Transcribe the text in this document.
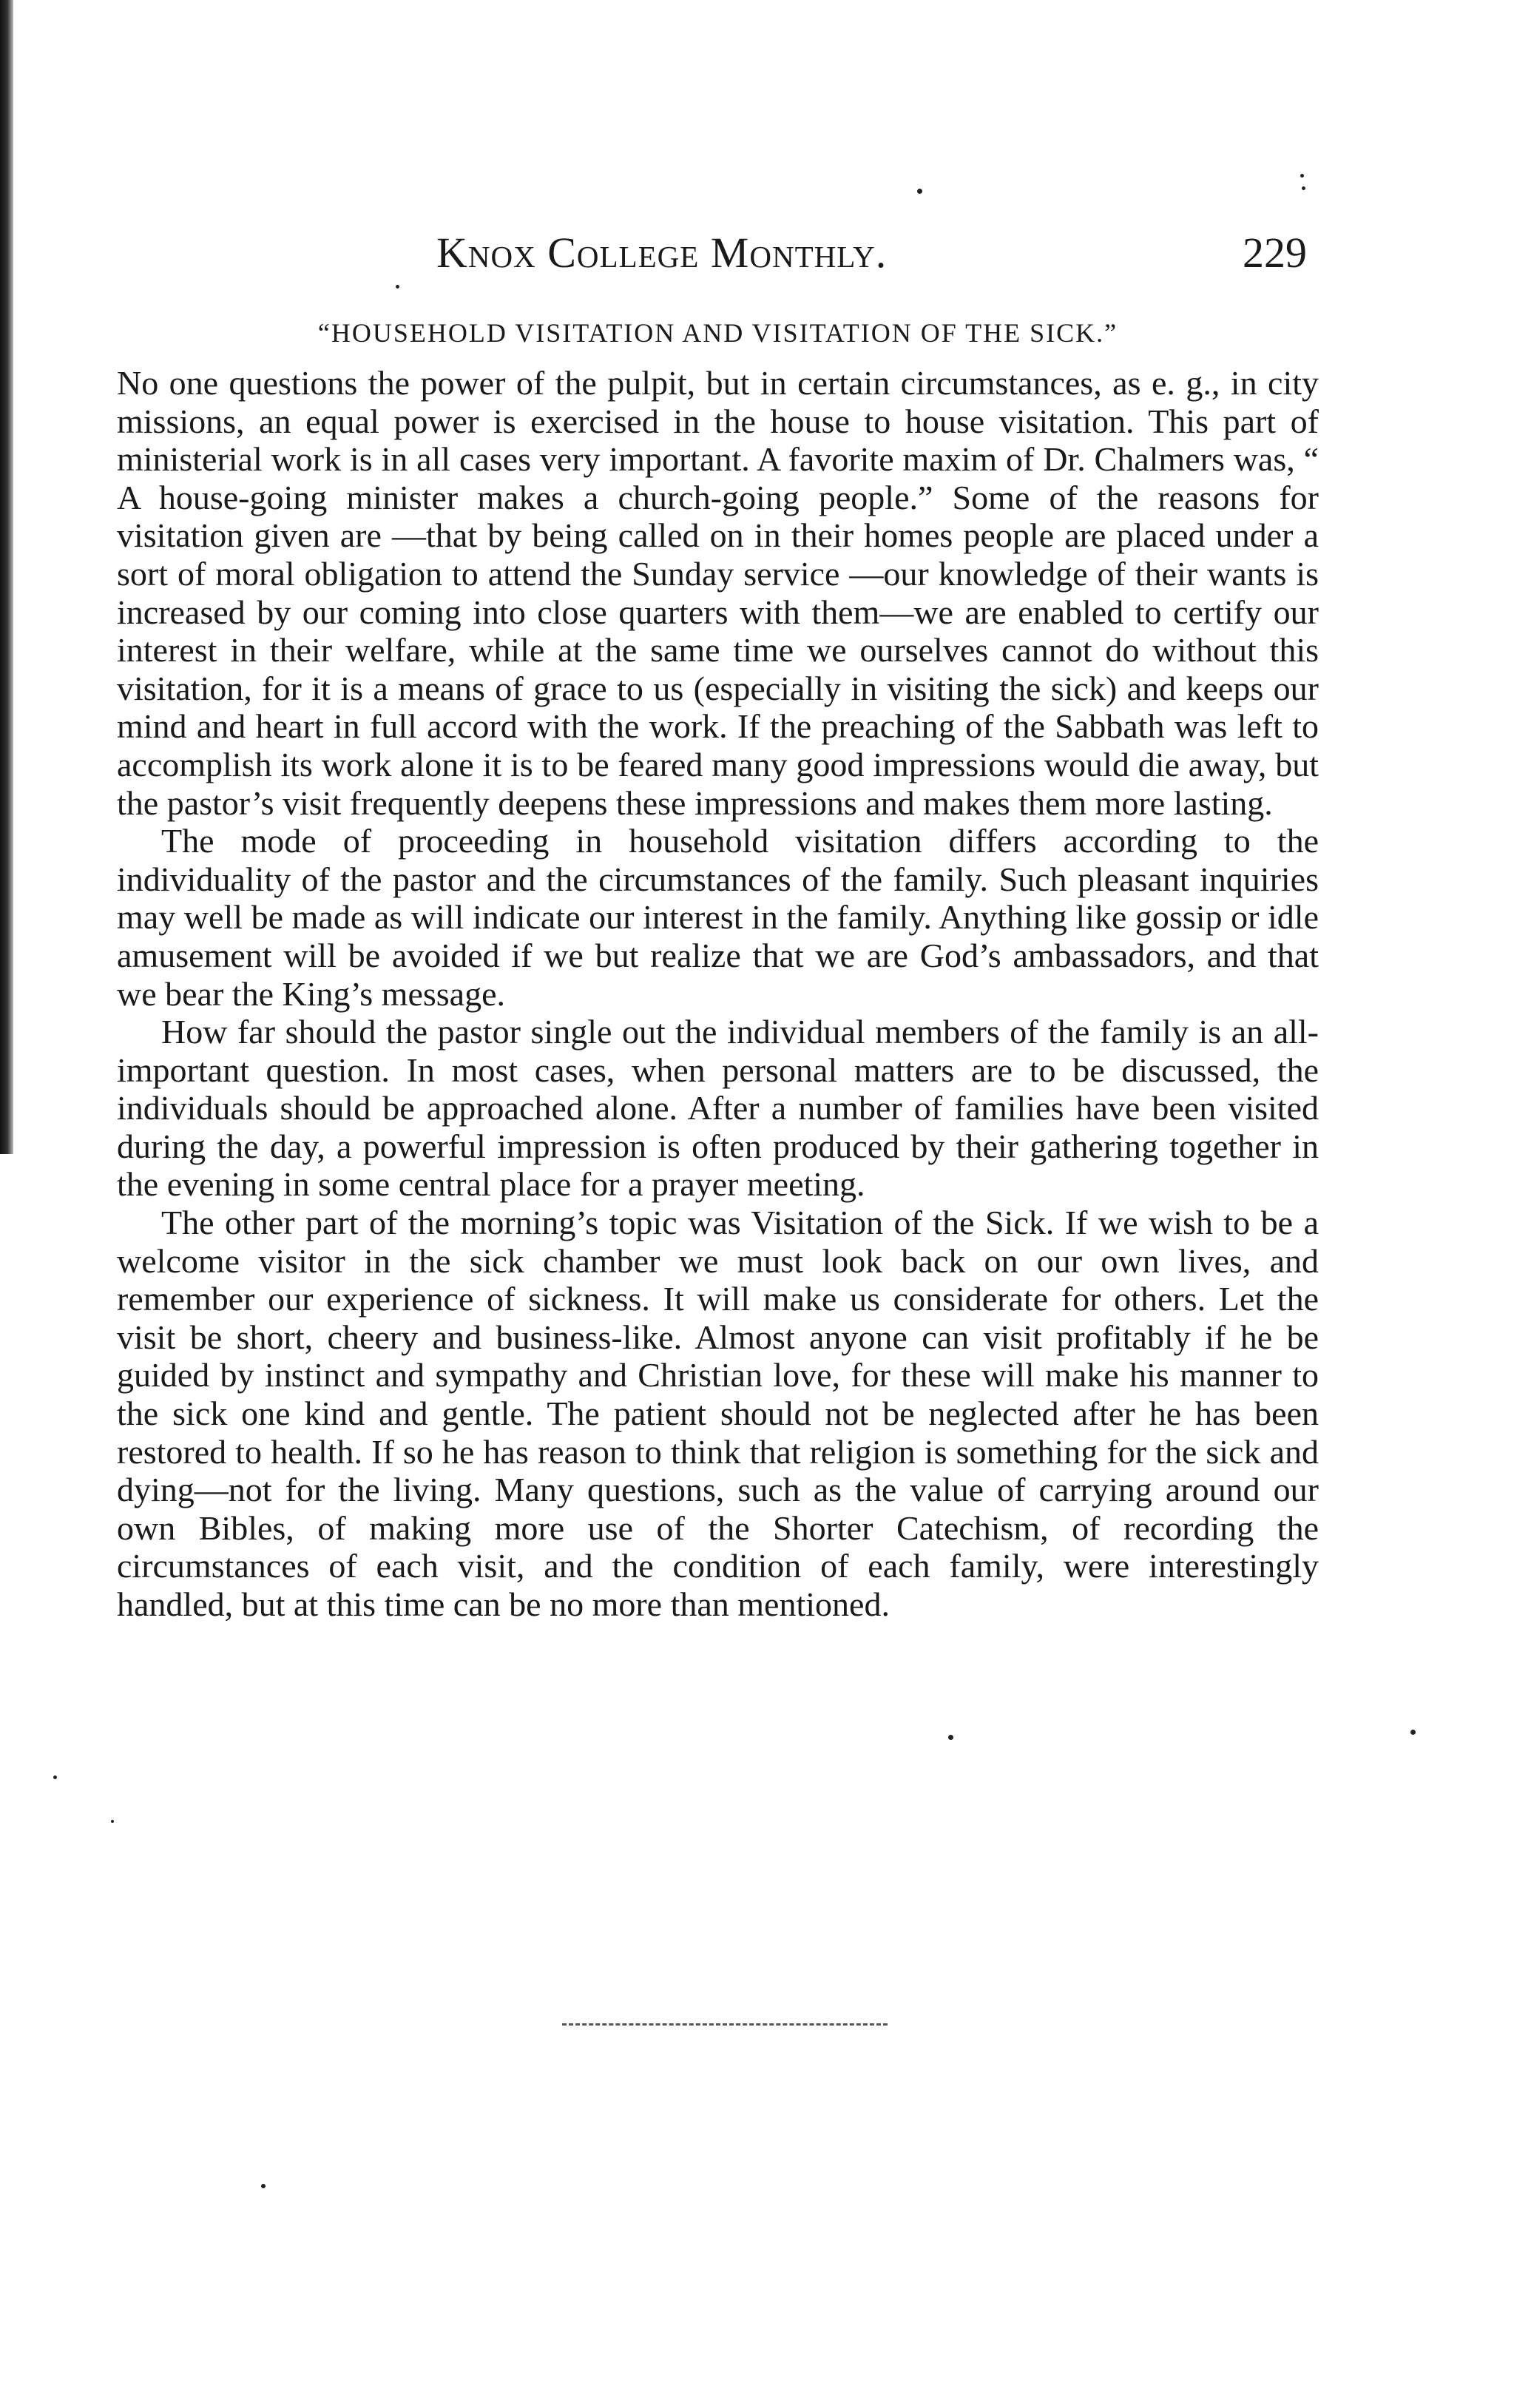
Knox College Monthly.	229
“HOUSEHOLD VISITATION AND VISITATION OF THE SICK.”

No one questions the power of the pulpit, but in certain circumstances, as e. g., in city missions, an equal power is exercised in the house to house visitation. This part of ministerial work is in all cases very important. A favorite maxim of Dr. Chalmers was, “ A house-going minister makes a church-going people.” Some of the reasons for visitation given are —that by being called on in their homes people are placed under a sort of moral obligation to attend the Sunday service —our knowledge of their wants is increased by our coming into close quarters with them—we are enabled to certify our interest in their welfare, while at the same time we ourselves cannot do without this visitation, for it is a means of grace to us (especially in visiting the sick) and keeps our mind and heart in full accord with the work. If the preaching of the Sabbath was left to accomplish its work alone it is to be feared many good impressions would die away, but the pastor’s visit frequently deepens these impressions and makes them more lasting.

The mode of proceeding in household visitation differs according to the individuality of the pastor and the circumstances of the family. Such pleasant inquiries may well be made as will indicate our interest in the family. Anything like gossip or idle amusement will be avoided if we but realize that we are God’s ambassadors, and that we bear the King’s message.

How far should the pastor single out the individual members of the family is an all-important question. In most cases, when personal matters are to be discussed, the individuals should be approached alone. After a number of families have been visited during the day, a powerful impression is often produced by their gathering together in the evening in some central place for a prayer meeting.

The other part of the morning’s topic was Visitation of the Sick. If we wish to be a welcome visitor in the sick chamber we must look back on our own lives, and remember our experience of sickness. It will make us considerate for others. Let the visit be short, cheery and business-like. Almost anyone can visit profitably if he be guided by instinct and sympathy and Christian love, for these will make his manner to the sick one kind and gentle. The patient should not be neglected after he has been restored to health. If so he has reason to think that religion is something for the sick and dying—not for the living. Many questions, such as the value of carrying around our own Bibles, of making more use of the Shorter Catechism, of recording the circumstances of each visit, and the condition of each family, were interestingly handled, but at this time can be no more than mentioned.
